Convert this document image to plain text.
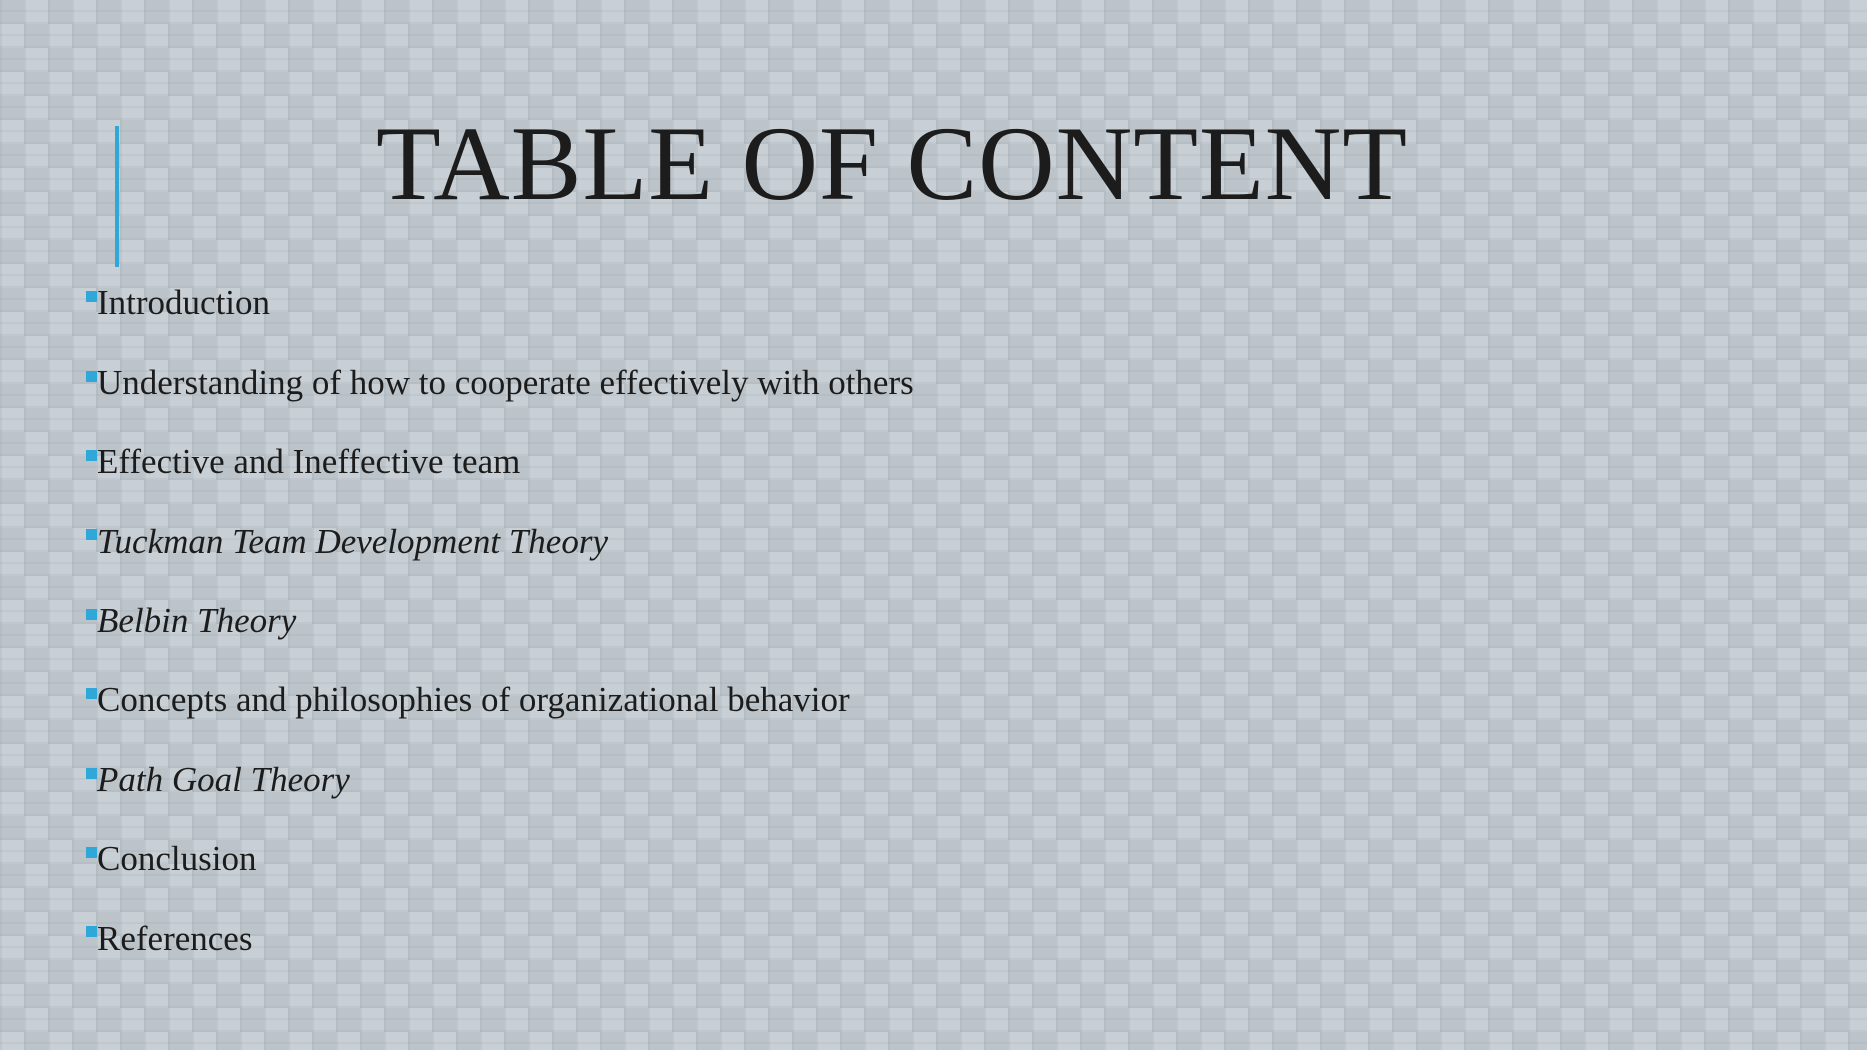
TABLE OF CONTENT
Introduction
Understanding of how to cooperate effectively with others
Effective and Ineffective team
Tuckman Team Development Theory
Belbin Theory
Concepts and philosophies of organizational behavior
Path Goal Theory
Conclusion
References
